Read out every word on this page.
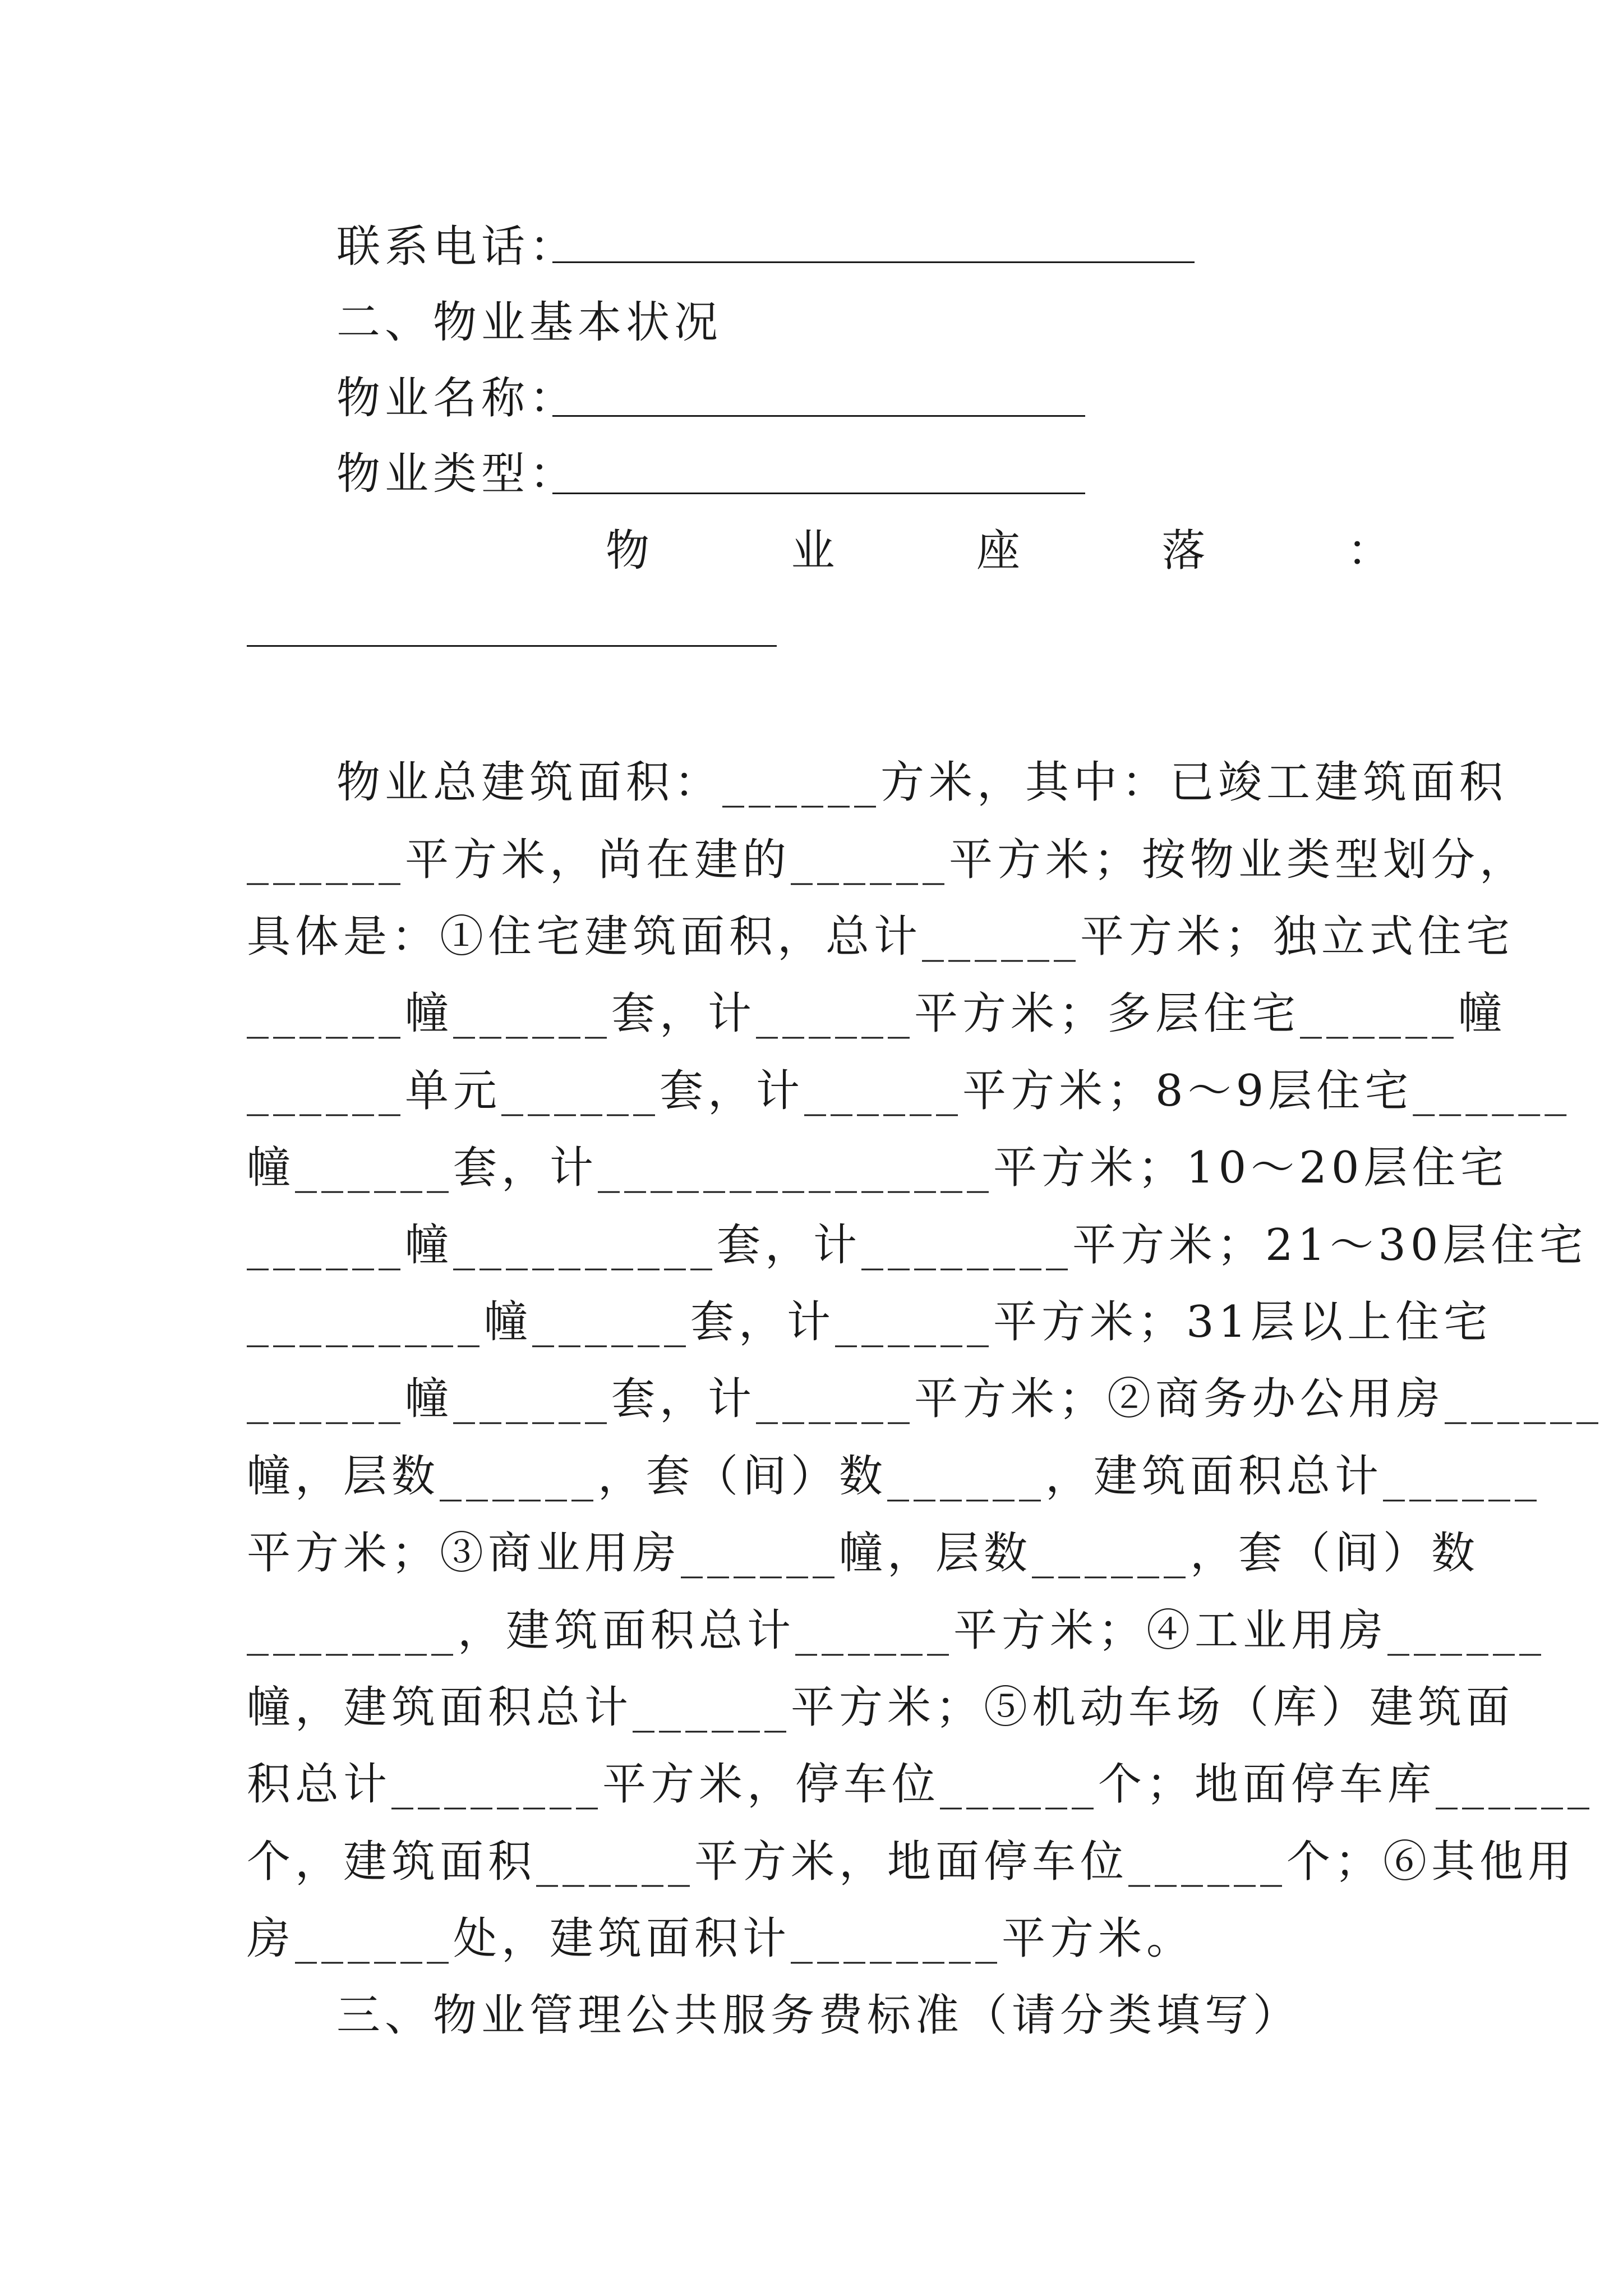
联系电话：
二、物业基本状况
物业名称：
物业类型：
物	业	座	落	：
物业总建筑面积：______方米，其中：已竣工建筑面积
______平方米，尚在建的______平方米；按物业类型划分，
具体是：①住宅建筑面积，总计______平方米；独立式住宅
______幢______套，计______平方米；多层住宅______幢
______单元______套，计______平方米；8～9层住宅______
幢______套，计_______________平方米；10～20层住宅
______幢__________套，计________平方米；21～30层住宅
_________幢______套，计______平方米；31层以上住宅
______幢______套，计______平方米；②商务办公用房______
幢，层数______，套（间）数______，建筑面积总计______
平方米；③商业用房______幢，层数______，套（间）数
________，建筑面积总计______平方米；④工业用房______
幢，建筑面积总计______平方米；⑤机动车场（库）建筑面
积总计________平方米，停车位______个；地面停车库______
个，建筑面积______平方米，地面停车位______个；⑥其他用
房______处，建筑面积计________平方米。
三、物业管理公共服务费标准（请分类填写）
